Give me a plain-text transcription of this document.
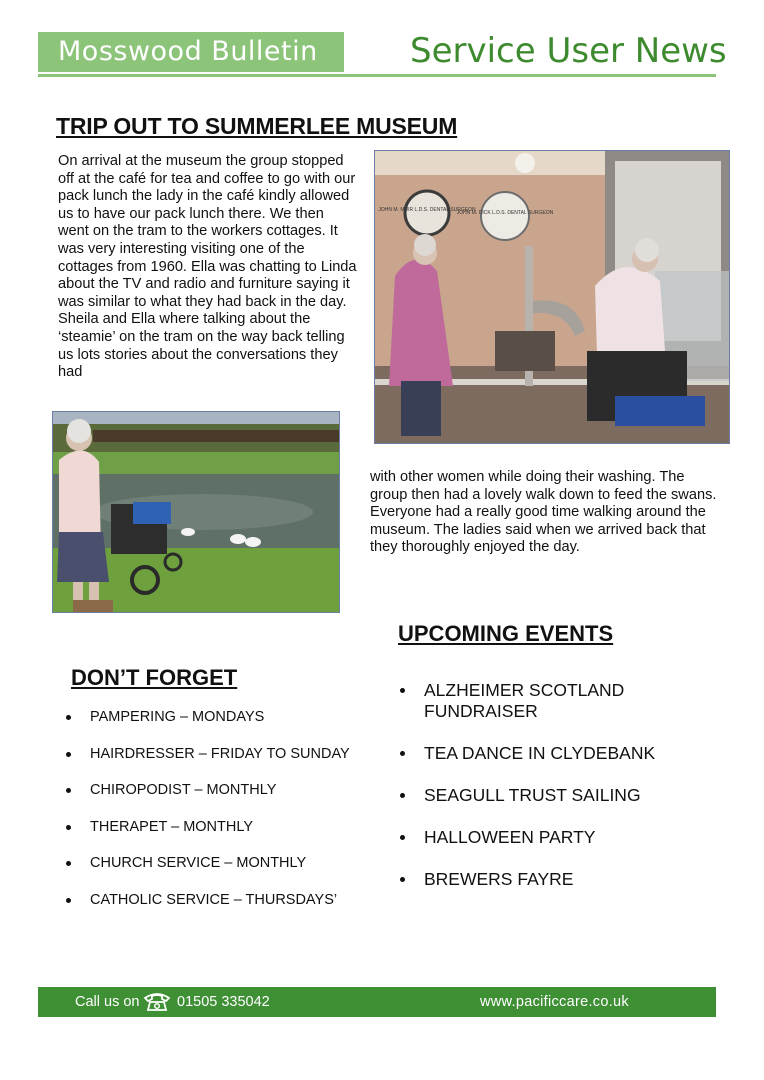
Mosswood Bulletin	Service User News
TRIP OUT TO SUMMERLEE MUSEUM
On arrival at the museum the group stopped off at the café for tea and coffee to go with our pack lunch the lady in the café kindly allowed us to have our pack lunch there. We then went on the tram to the workers cottages. It was very interesting visiting one of the cottages from 1960. Ella was chatting to Linda about the TV and radio and furniture saying it was similar to what they had back in the day. Sheila and Ella where talking about the ‘steamie’ on the tram on the way back telling us lots stories about the conversations they had
JOHN M. MUIR L.D.S. DENTAL SURGEON
JOHN M. DICK L.D.S. DENTAL SURGEON
with other women while doing their washing. The group then had a lovely walk down to feed the swans. Everyone had a really good time walking around the museum. The ladies said when we arrived back that they thoroughly enjoyed the day.
UPCOMING EVENTS
ALZHEIMER SCOTLAND FUNDRAISER
TEA DANCE IN CLYDEBANK
SEAGULL TRUST SAILING
HALLOWEEN PARTY
BREWERS FAYRE
DON’T FORGET
PAMPERING – MONDAYS
HAIRDRESSER – FRIDAY TO SUNDAY
CHIROPODIST – MONTHLY
THERAPET – MONTHLY
CHURCH SERVICE – MONTHLY
CATHOLIC SERVICE – THURSDAYS’
Call us on	01505 335042	www.pacificcare.co.uk
